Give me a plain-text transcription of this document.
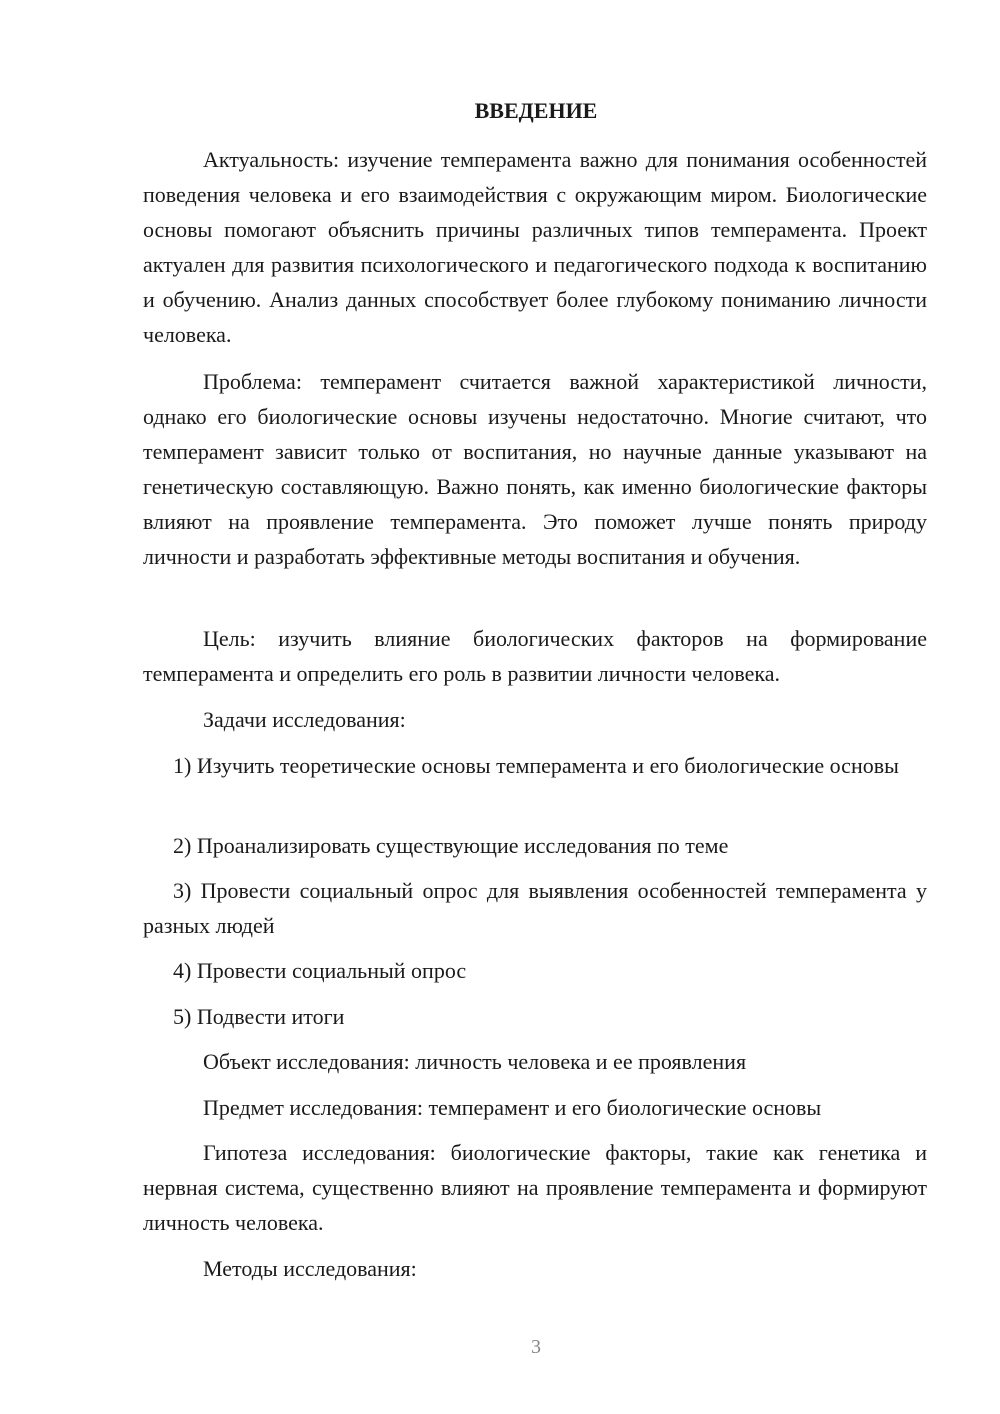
ВВЕДЕНИЕ

Актуальность: изучение темперамента важно для понимания особенностей поведения человека и его взаимодействия с окружающим миром. Биологические основы помогают объяснить причины различных типов темперамента. Проект актуален для развития психологического и педагогического подхода к воспитанию и обучению. Анализ данных способствует более глубокому пониманию личности человека.

Проблема: темперамент считается важной характеристикой личности, однако его биологические основы изучены недостаточно. Многие считают, что темперамент зависит только от воспитания, но научные данные указывают на генетическую составляющую. Важно понять, как именно биологические факторы влияют на проявление темперамента. Это поможет лучше понять природу личности и разработать эффективные методы воспитания и обучения.

Цель: изучить влияние биологических факторов на формирование темперамента и определить его роль в развитии личности человека.

Задачи исследования:

1) Изучить теоретические основы темперамента и его биологические основы

2) Проанализировать существующие исследования по теме

3) Провести социальный опрос для выявления особенностей темперамента у разных людей

4) Провести социальный опрос

5) Подвести итоги

Объект исследования: личность человека и ее проявления

Предмет исследования: темперамент и его биологические основы

Гипотеза исследования: биологические факторы, такие как генетика и нервная система, существенно влияют на проявление темперамента и формируют личность человека.

Методы исследования:

3
